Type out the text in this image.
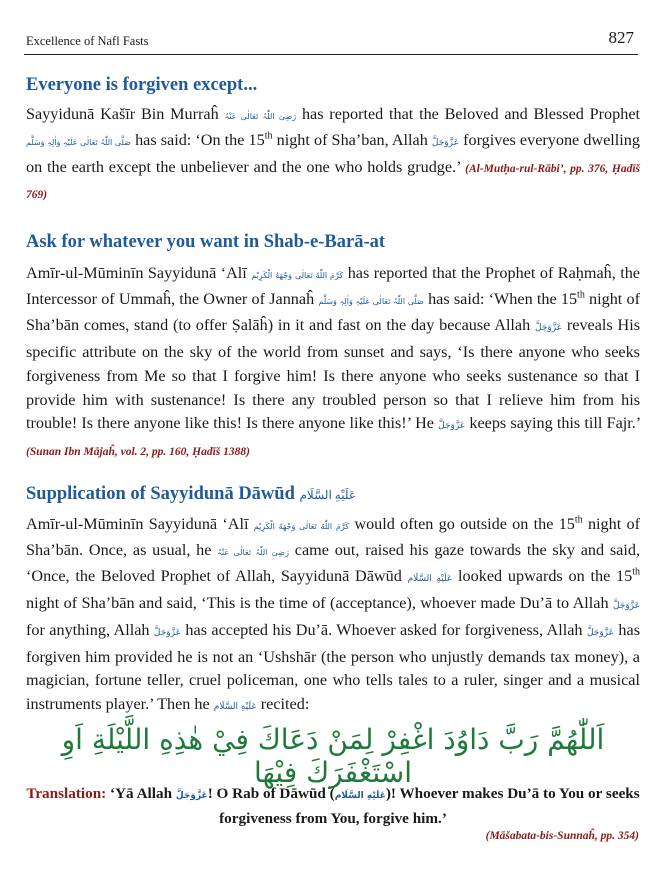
Excellence of Nafl Fasts	827
Everyone is forgiven except...

Sayyidunā Kašīr Bin Murraĥ رَضِیَ اللّٰہُ تَعَالٰی عَنْہُ has reported that the Beloved and Blessed Prophet صَلَّی اللّٰہُ تَعَالٰی عَلَیْہِ وَاٰلِہٖ وَسَلَّم has said: ‘On the 15th night of Sha’ban, Allah عَزَّوَجَلَّ forgives everyone dwelling on the earth except the unbeliever and the one who holds grudge.’ (Al-Mutḥa-rul-Rābi’, pp. 376, Ḥadīš 769)

Ask for whatever you want in Shab-e-Barā-at

Amīr-ul-Mūminīn Sayyidunā ‘Alī كَرَّمَ اللّٰهُ تَعَالٰى وَجْهَهُ الْكَرِيْم has reported that the Prophet of Raḥmaĥ, the Intercessor of Ummaĥ, the Owner of Jannaĥ صَلَّی اللّٰہُ تَعَالٰی عَلَیْہِ وَاٰلِہٖ وَسَلَّم has said: ‘When the 15th night of Sha’bān comes, stand (to offer Ṣalāĥ) in it and fast on the day because Allah عَزَّوَجَلَّ reveals His specific attribute on the sky of the world from sunset and says, ‘Is there anyone who seeks forgiveness from Me so that I forgive him! Is there anyone who seeks sustenance so that I provide him with sustenance! Is there any troubled person so that I relieve him from his trouble! Is there anyone like this! Is there anyone like this!’ He عَزَّوَجَلَّ keeps saying this till Fajr.’ (Sunan Ibn Mājaĥ, vol. 2, pp. 160, Ḥadīš 1388)

Supplication of Sayyidunā Dāwūd عَلَيْهِ السَّلَام

Amīr-ul-Mūminīn Sayyidunā ‘Alī كَرَّمَ اللّٰهُ تَعَالٰى وَجْهَهُ الْكَرِيْم would often go outside on the 15th night of Sha’bān. Once, as usual, he رَضِیَ اللّٰہُ تَعَالٰی عَنْہُ came out, raised his gaze towards the sky and said, ‘Once, the Beloved Prophet of Allah, Sayyidunā Dāwūd عَلَيْهِ السَّلَام looked upwards on the 15th night of Sha’bān and said, ‘This is the time of (acceptance), whoever made Du’ā to Allah عَزَّوَجَلَّ for anything, Allah عَزَّوَجَلَّ has accepted his Du’ā. Whoever asked for forgiveness, Allah عَزَّوَجَلَّ has forgiven him provided he is not an ‘Ushshār (the person who unjustly demands tax money), a magician, fortune teller, cruel policeman, one who tells tales to a ruler, singer and a musical instruments player.’ Then he عَلَيْهِ السَّلَام recited:

اَللّٰهُمَّ رَبَّ دَاوُدَ اغْفِرْ لِمَنْ دَعَاكَ فِيْ هٰذِهِ اللَّيْلَةِ اَوِ اسْتَغْفَرَكَ فِيْهَا

Translation: ‘Yā Allah عَزَّوَجَلَّ! O Rab of Dāwūd (عَلَيْهِ السَّلَام)! Whoever makes Du’ā to You or seeks forgiveness from You, forgive him.’

(Māšabata-bis-Sunnaĥ, pp. 354)
